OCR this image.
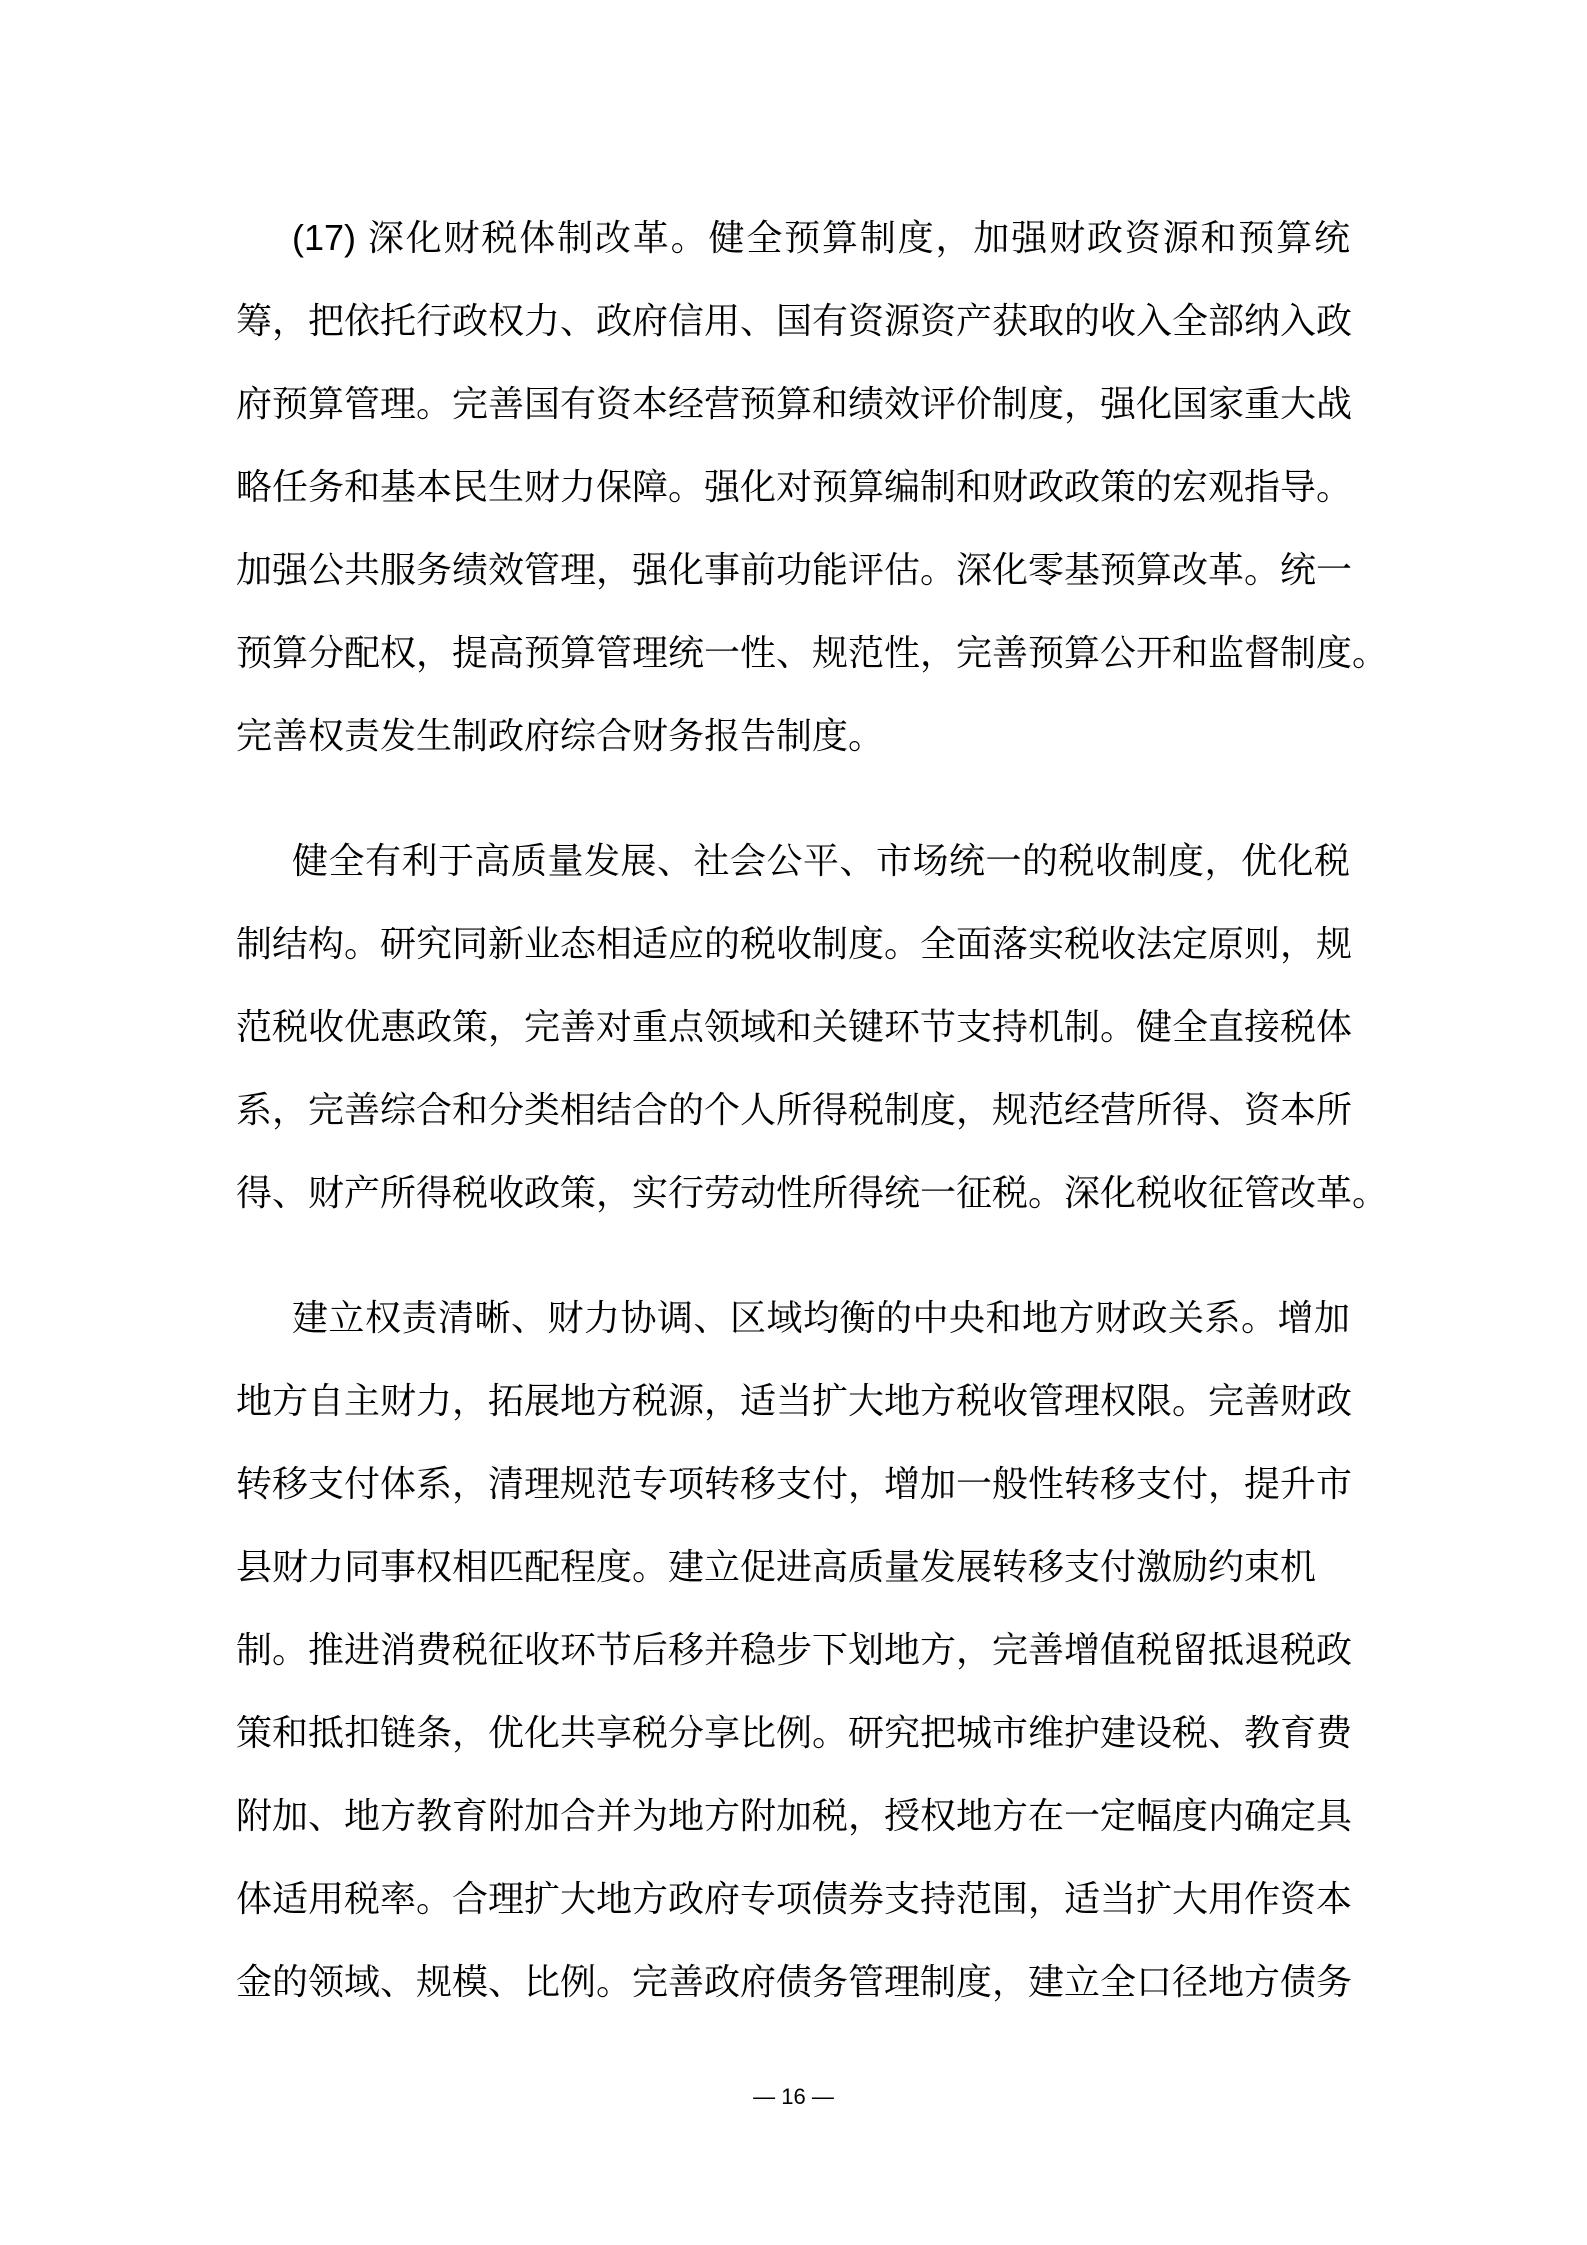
(17) 深化财税体制改革。健全预算制度，加强财政资源和预算统
筹，把依托行政权力、政府信用、国有资源资产获取的收入全部纳入政
府预算管理。完善国有资本经营预算和绩效评价制度，强化国家重大战
略任务和基本民生财力保障。强化对预算编制和财政政策的宏观指导。
加强公共服务绩效管理，强化事前功能评估。深化零基预算改革。统一
预算分配权，提高预算管理统一性、规范性，完善预算公开和监督制度。
完善权责发生制政府综合财务报告制度。
健全有利于高质量发展、社会公平、市场统一的税收制度，优化税
制结构。研究同新业态相适应的税收制度。全面落实税收法定原则，规
范税收优惠政策，完善对重点领域和关键环节支持机制。健全直接税体
系，完善综合和分类相结合的个人所得税制度，规范经营所得、资本所
得、财产所得税收政策，实行劳动性所得统一征税。深化税收征管改革。
建立权责清晰、财力协调、区域均衡的中央和地方财政关系。增加
地方自主财力，拓展地方税源，适当扩大地方税收管理权限。完善财政
转移支付体系，清理规范专项转移支付，增加一般性转移支付，提升市
县财力同事权相匹配程度。建立促进高质量发展转移支付激励约束机
制。推进消费税征收环节后移并稳步下划地方，完善增值税留抵退税政
策和抵扣链条，优化共享税分享比例。研究把城市维护建设税、教育费
附加、地方教育附加合并为地方附加税，授权地方在一定幅度内确定具
体适用税率。合理扩大地方政府专项债券支持范围，适当扩大用作资本
金的领域、规模、比例。完善政府债务管理制度，建立全口径地方债务
— 16 —
